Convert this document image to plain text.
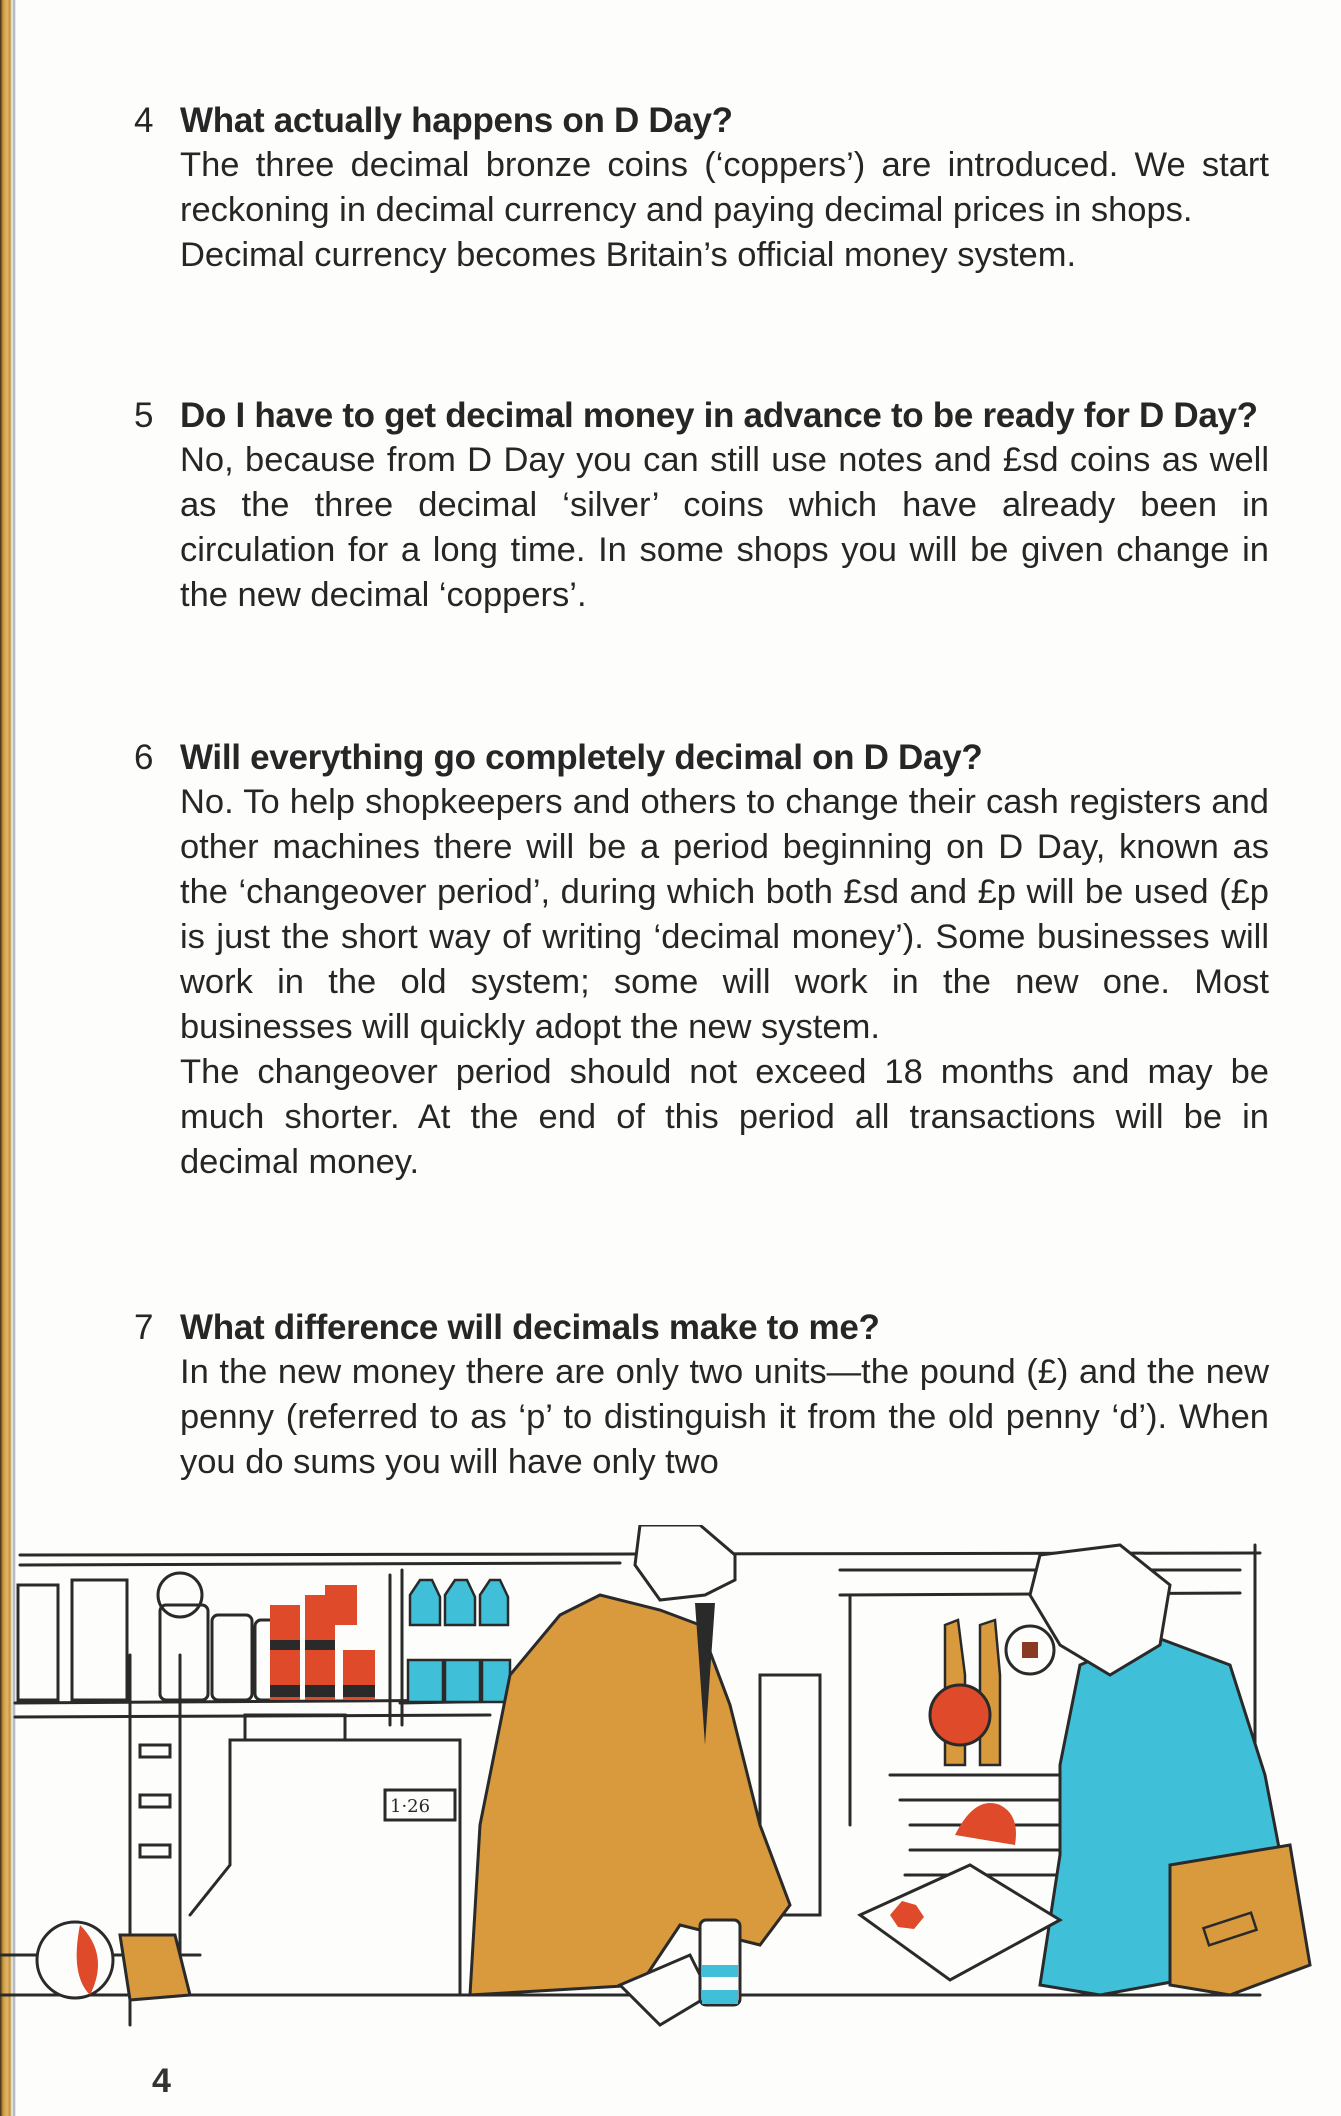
4 What actually happens on D Day?

The three decimal bronze coins (‘coppers’) are introduced. We start reckoning in decimal currency and paying decimal prices in shops.

Decimal currency becomes Britain’s official money system.

5 Do I have to get decimal money in advance to be ready for D Day?

No, because from D Day you can still use notes and £sd coins as well as the three decimal ‘silver’ coins which have already been in circulation for a long time. In some shops you will be given change in the new decimal ‘coppers’.

6 Will everything go completely decimal on D Day?

No. To help shopkeepers and others to change their cash registers and other machines there will be a period beginning on D Day, known as the ‘changeover period’, during which both £sd and £p will be used (£p is just the short way of writing ‘decimal money’). Some businesses will work in the old system; some will work in the new one. Most businesses will quickly adopt the new system.

The changeover period should not exceed 18 months and may be much shorter. At the end of this period all transactions will be in decimal money.

7 What difference will decimals make to me?

In the new money there are only two units—the pound (£) and the new penny (referred to as ‘p’ to distinguish it from the old penny ‘d’). When you do sums you will have only two

1·26
4
